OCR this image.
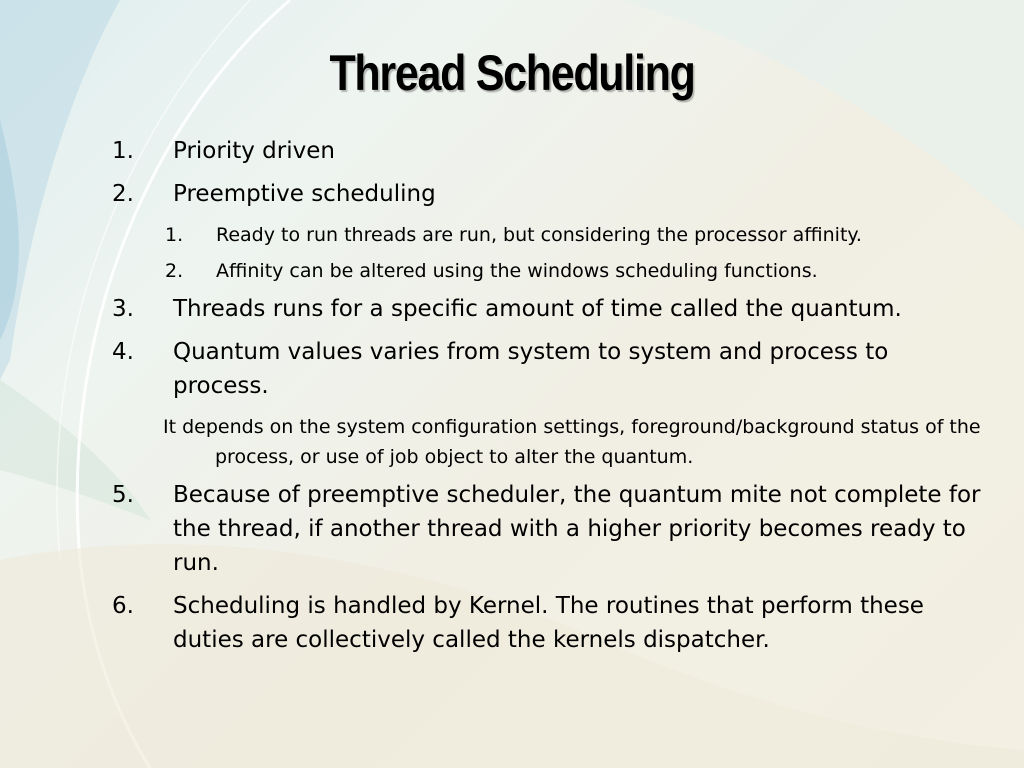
Thread Scheduling
1. Priority driven
2. Preemptive scheduling
1. Ready to run threads are run, but considering the processor affinity.
2. Affinity can be altered using the windows scheduling functions.
3. Threads runs for a specific amount of time called the quantum.
4. Quantum values varies from system to system and process to process.
It depends on the system configuration settings, foreground/background status of the process, or use of job object to alter the quantum.
5. Because of preemptive scheduler, the quantum mite not complete for the thread, if another thread with a higher priority becomes ready to run.
6. Scheduling is handled by Kernel. The routines that perform these duties are collectively called the kernels dispatcher.
